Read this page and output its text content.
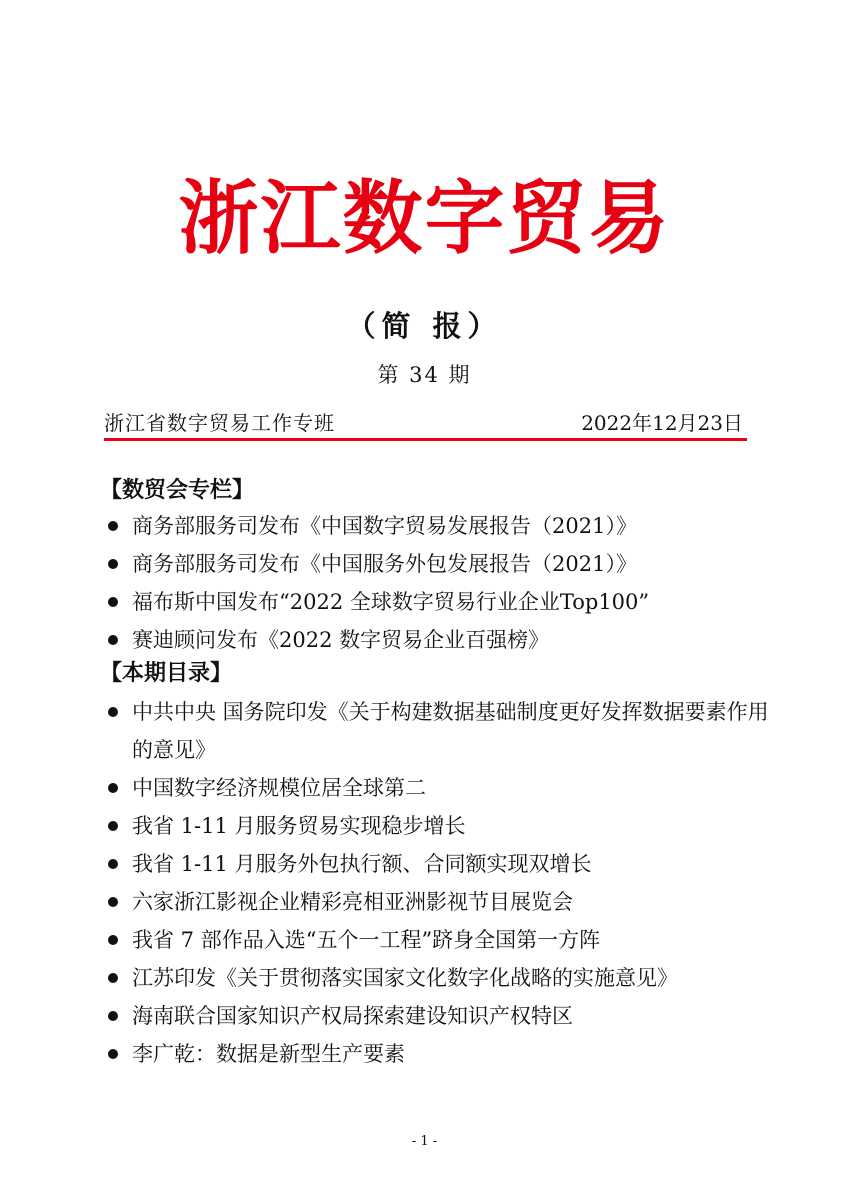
浙江数字贸易
（简 报）
第 34 期
浙江省数字贸易工作专班	2022年12月23日
【数贸会专栏】
商务部服务司发布《中国数字贸易发展报告（2021）》
商务部服务司发布《中国服务外包发展报告（2021）》
福布斯中国发布“2022 全球数字贸易行业企业Top100”
赛迪顾问发布《2022 数字贸易企业百强榜》
【本期目录】
中共中央 国务院印发《关于构建数据基础制度更好发挥数据要素作用的意见》
中国数字经济规模位居全球第二
我省 1-11 月服务贸易实现稳步增长
我省 1-11 月服务外包执行额、合同额实现双增长
六家浙江影视企业精彩亮相亚洲影视节目展览会
我省 7 部作品入选“五个一工程”跻身全国第一方阵
江苏印发《关于贯彻落实国家文化数字化战略的实施意见》
海南联合国家知识产权局探索建设知识产权特区
李广乾：数据是新型生产要素
- 1 -
